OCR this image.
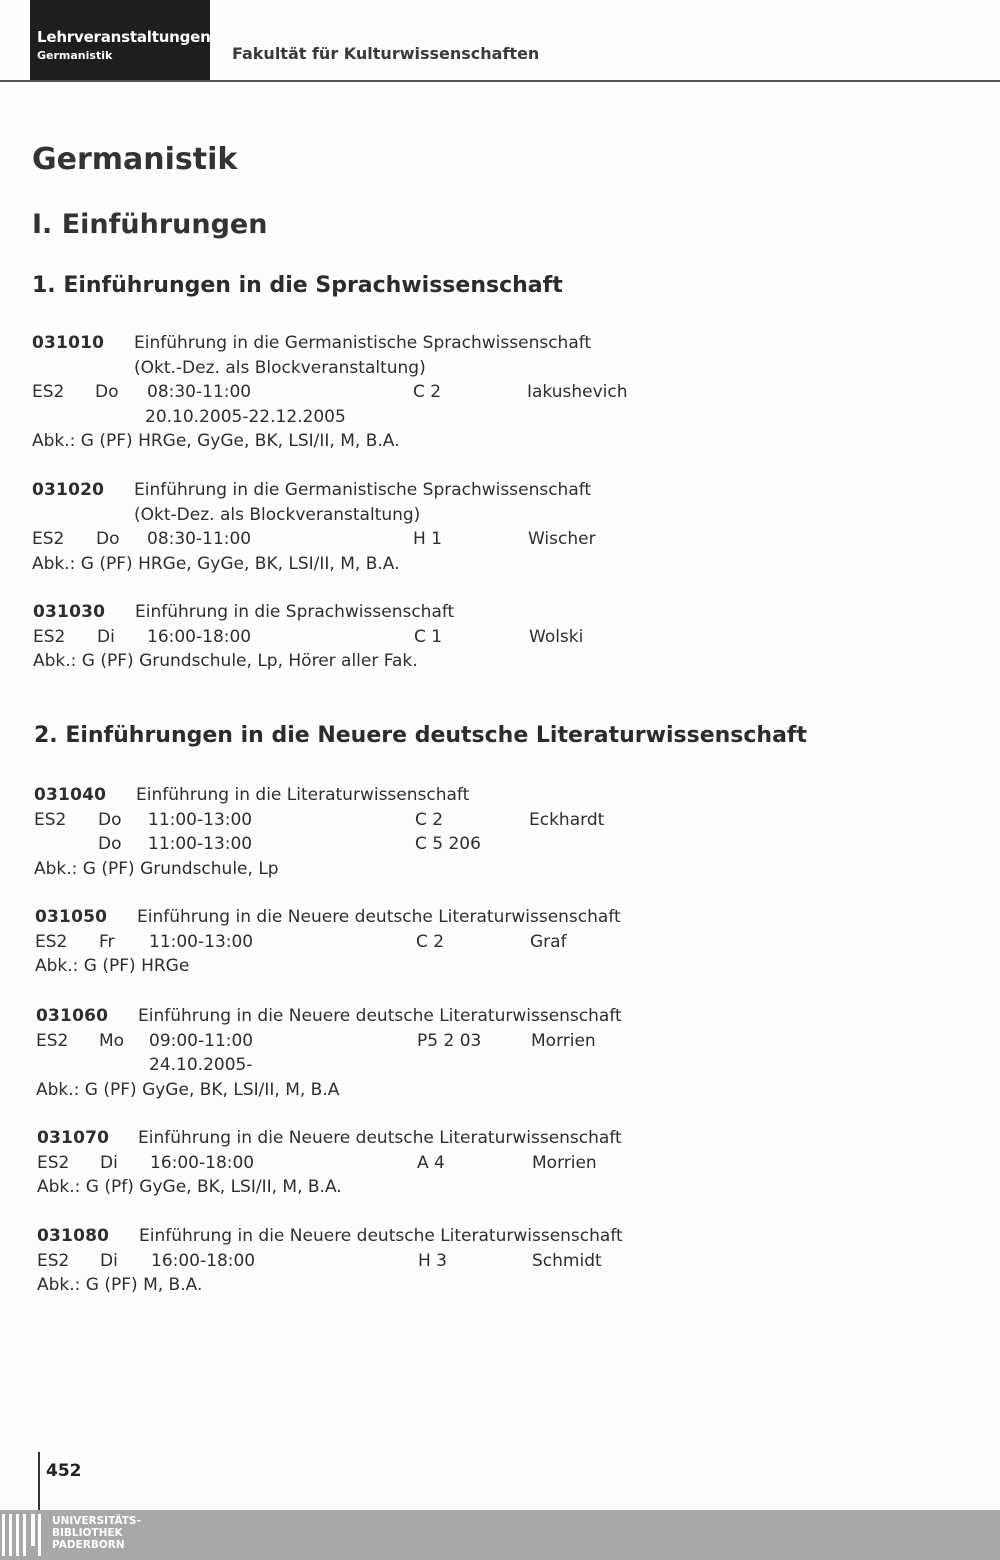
Lehrveranstaltungen
Germanistik	Fakultät für Kulturwissenschaften
Germanistik
I. Einführungen
1. Einführungen in die Sprachwissenschaft
2. Einführungen in die Neuere deutsche Literaturwissenschaft
031010 Einführung in die Germanistische Sprachwissenschaft
(Okt.-Dez. als Blockveranstaltung)
ES2 Do 08:30-11:00	C 2	Iakushevich
20.10.2005-22.12.2005
Abk.: G (PF) HRGe, GyGe, BK, LSI/II, M, B.A.
031020 Einführung in die Germanistische Sprachwissenschaft
(Okt-Dez. als Blockveranstaltung)
ES2 Do 08:30-11:00	H 1	Wischer
Abk.: G (PF) HRGe, GyGe, BK, LSI/II, M, B.A.
031030 Einführung in die Sprachwissenschaft
ES2 Di 16:00-18:00	C 1	Wolski
Abk.: G (PF) Grundschule, Lp, Hörer aller Fak.
031040 Einführung in die Literaturwissenschaft
ES2 Do 11:00-13:00	C 2	Eckhardt
Do 11:00-13:00	C 5 206
Abk.: G (PF) Grundschule, Lp
031050 Einführung in die Neuere deutsche Literaturwissenschaft
ES2 Fr 11:00-13:00	C 2	Graf
Abk.: G (PF) HRGe
031060 Einführung in die Neuere deutsche Literaturwissenschaft
ES2 Mo 09:00-11:00	P5 2 03	Morrien
24.10.2005-
Abk.: G (PF) GyGe, BK, LSI/II, M, B.A
031070 Einführung in die Neuere deutsche Literaturwissenschaft
ES2 Di 16:00-18:00	A 4	Morrien
Abk.: G (Pf) GyGe, BK, LSI/II, M, B.A.
031080 Einführung in die Neuere deutsche Literaturwissenschaft
ES2 Di 16:00-18:00	H 3	Schmidt
Abk.: G (PF) M, B.A.
452
UNIVERSITÄTS-
BIBLIOTHEK
PADERBORN
